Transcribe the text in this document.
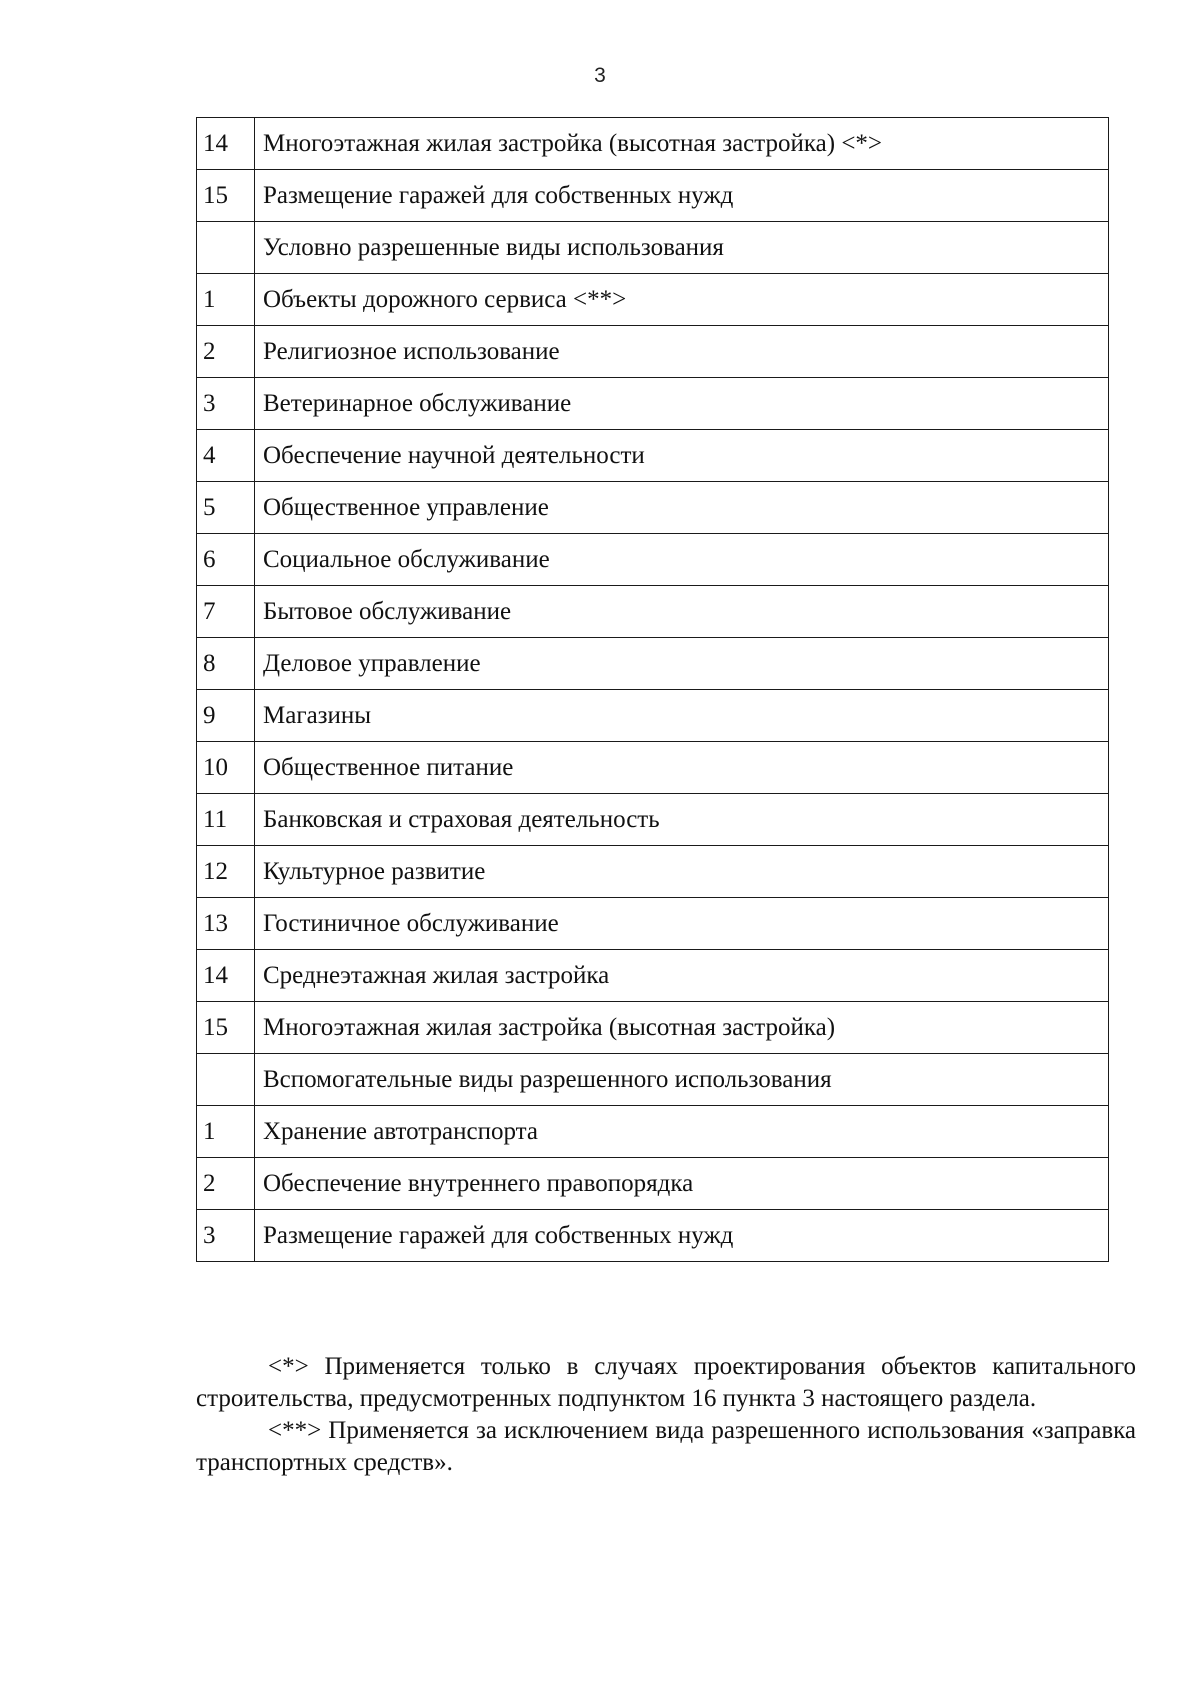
3
14	Многоэтажная жилая застройка (высотная застройка) <*>
15	Размещение гаражей для собственных нужд
	Условно разрешенные виды использования
1	Объекты дорожного сервиса <**>
2	Религиозное использование
3	Ветеринарное обслуживание
4	Обеспечение научной деятельности
5	Общественное управление
6	Социальное обслуживание
7	Бытовое обслуживание
8	Деловое управление
9	Магазины
10	Общественное питание
11	Банковская и страховая деятельность
12	Культурное развитие
13	Гостиничное обслуживание
14	Среднеэтажная жилая застройка
15	Многоэтажная жилая застройка (высотная застройка)
	Вспомогательные виды разрешенного использования
1	Хранение автотранспорта
2	Обеспечение внутреннего правопорядка
3	Размещение гаражей для собственных нужд

<*> Применяется только в случаях проектирования объектов капитального строительства, предусмотренных подпунктом 16 пункта 3 настоящего раздела.

<**> Применяется за исключением вида разрешенного использования «заправка транспортных средств».
